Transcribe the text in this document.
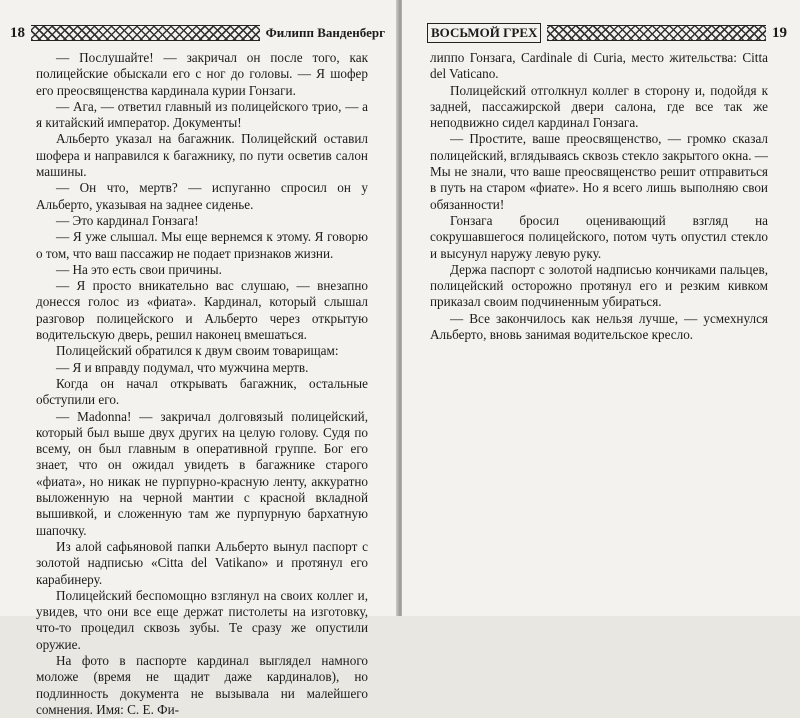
18	Филипп Ванденберг

— Послушайте! — закричал он после того, как полицейские обыскали его с ног до головы. — Я шофер его преосвященства кардинала курии Гонзаги.

— Ага, — ответил главный из полицейского трио, — а я китайский император. Документы!

Альберто указал на багажник. Полицейский оставил шофера и направился к багажнику, по пути осветив салон машины.

— Он что, мертв? — испуганно спросил он у Альберто, указывая на заднее сиденье.

— Это кардинал Гонзага!

— Я уже слышал. Мы еще вернемся к этому. Я говорю о том, что ваш пассажир не подает признаков жизни.

— На это есть свои причины.

— Я просто вникательно вас слушаю, — внезапно донесся голос из «фиата». Кардинал, который слышал разговор полицейского и Альберто через открытую водительскую дверь, решил наконец вмешаться.

Полицейский обратился к двум своим товарищам:

— Я и вправду подумал, что мужчина мертв.

Когда он начал открывать багажник, остальные обступили его.

— Madonna! — закричал долговязый полицейский, который был выше двух других на целую голову. Судя по всему, он был главным в оперативной группе. Бог его знает, что он ожидал увидеть в багажнике старого «фиата», но никак не пурпурно-красную ленту, аккуратно выложенную на черной мантии с красной вкладной вышивкой, и сложенную там же пурпурную бархатную шапочку.

Из алой сафьяновой папки Альберто вынул паспорт с золотой надписью «Citta del Vatikano» и протянул его карабинеру.

Полицейский беспомощно взглянул на своих коллег и, увидев, что они все еще держат пистолеты на изготовку, что-то процедил сквозь зубы. Те сразу же опустили оружие.

На фото в паспорте кардинал выглядел намного моложе (время не щадит даже кардиналов), но подлинность документа не вызывала ни малейшего сомнения. Имя: С. Е. Фи-

ВОСЬМОЙ ГРЕХ	19

липпо Гонзага, Cardinale di Curia, место жительства: Citta del Vaticano.

Полицейский отголкнул коллег в сторону и, подойдя к задней, пассажирской двери салона, где все так же неподвижно сидел кардинал Гонзага.

— Простите, ваше преосвященство, — громко сказал полицейский, вглядываясь сквозь стекло закрытого окна. — Мы не знали, что ваше преосвященство решит отправиться в путь на старом «фиате». Но я всего лишь выполняю свои обязанности!

Гонзага бросил оценивающий взгляд на сокрушавшегося полицейского, потом чуть опустил стекло и высунул наружу левую руку.

Держа паспорт с золотой надписью кончиками пальцев, полицейский осторожно протянул его и резким кивком приказал своим подчиненным убираться.

— Все закончилось как нельзя лучше, — усмехнулся Альберто, вновь занимая водительское кресло.
